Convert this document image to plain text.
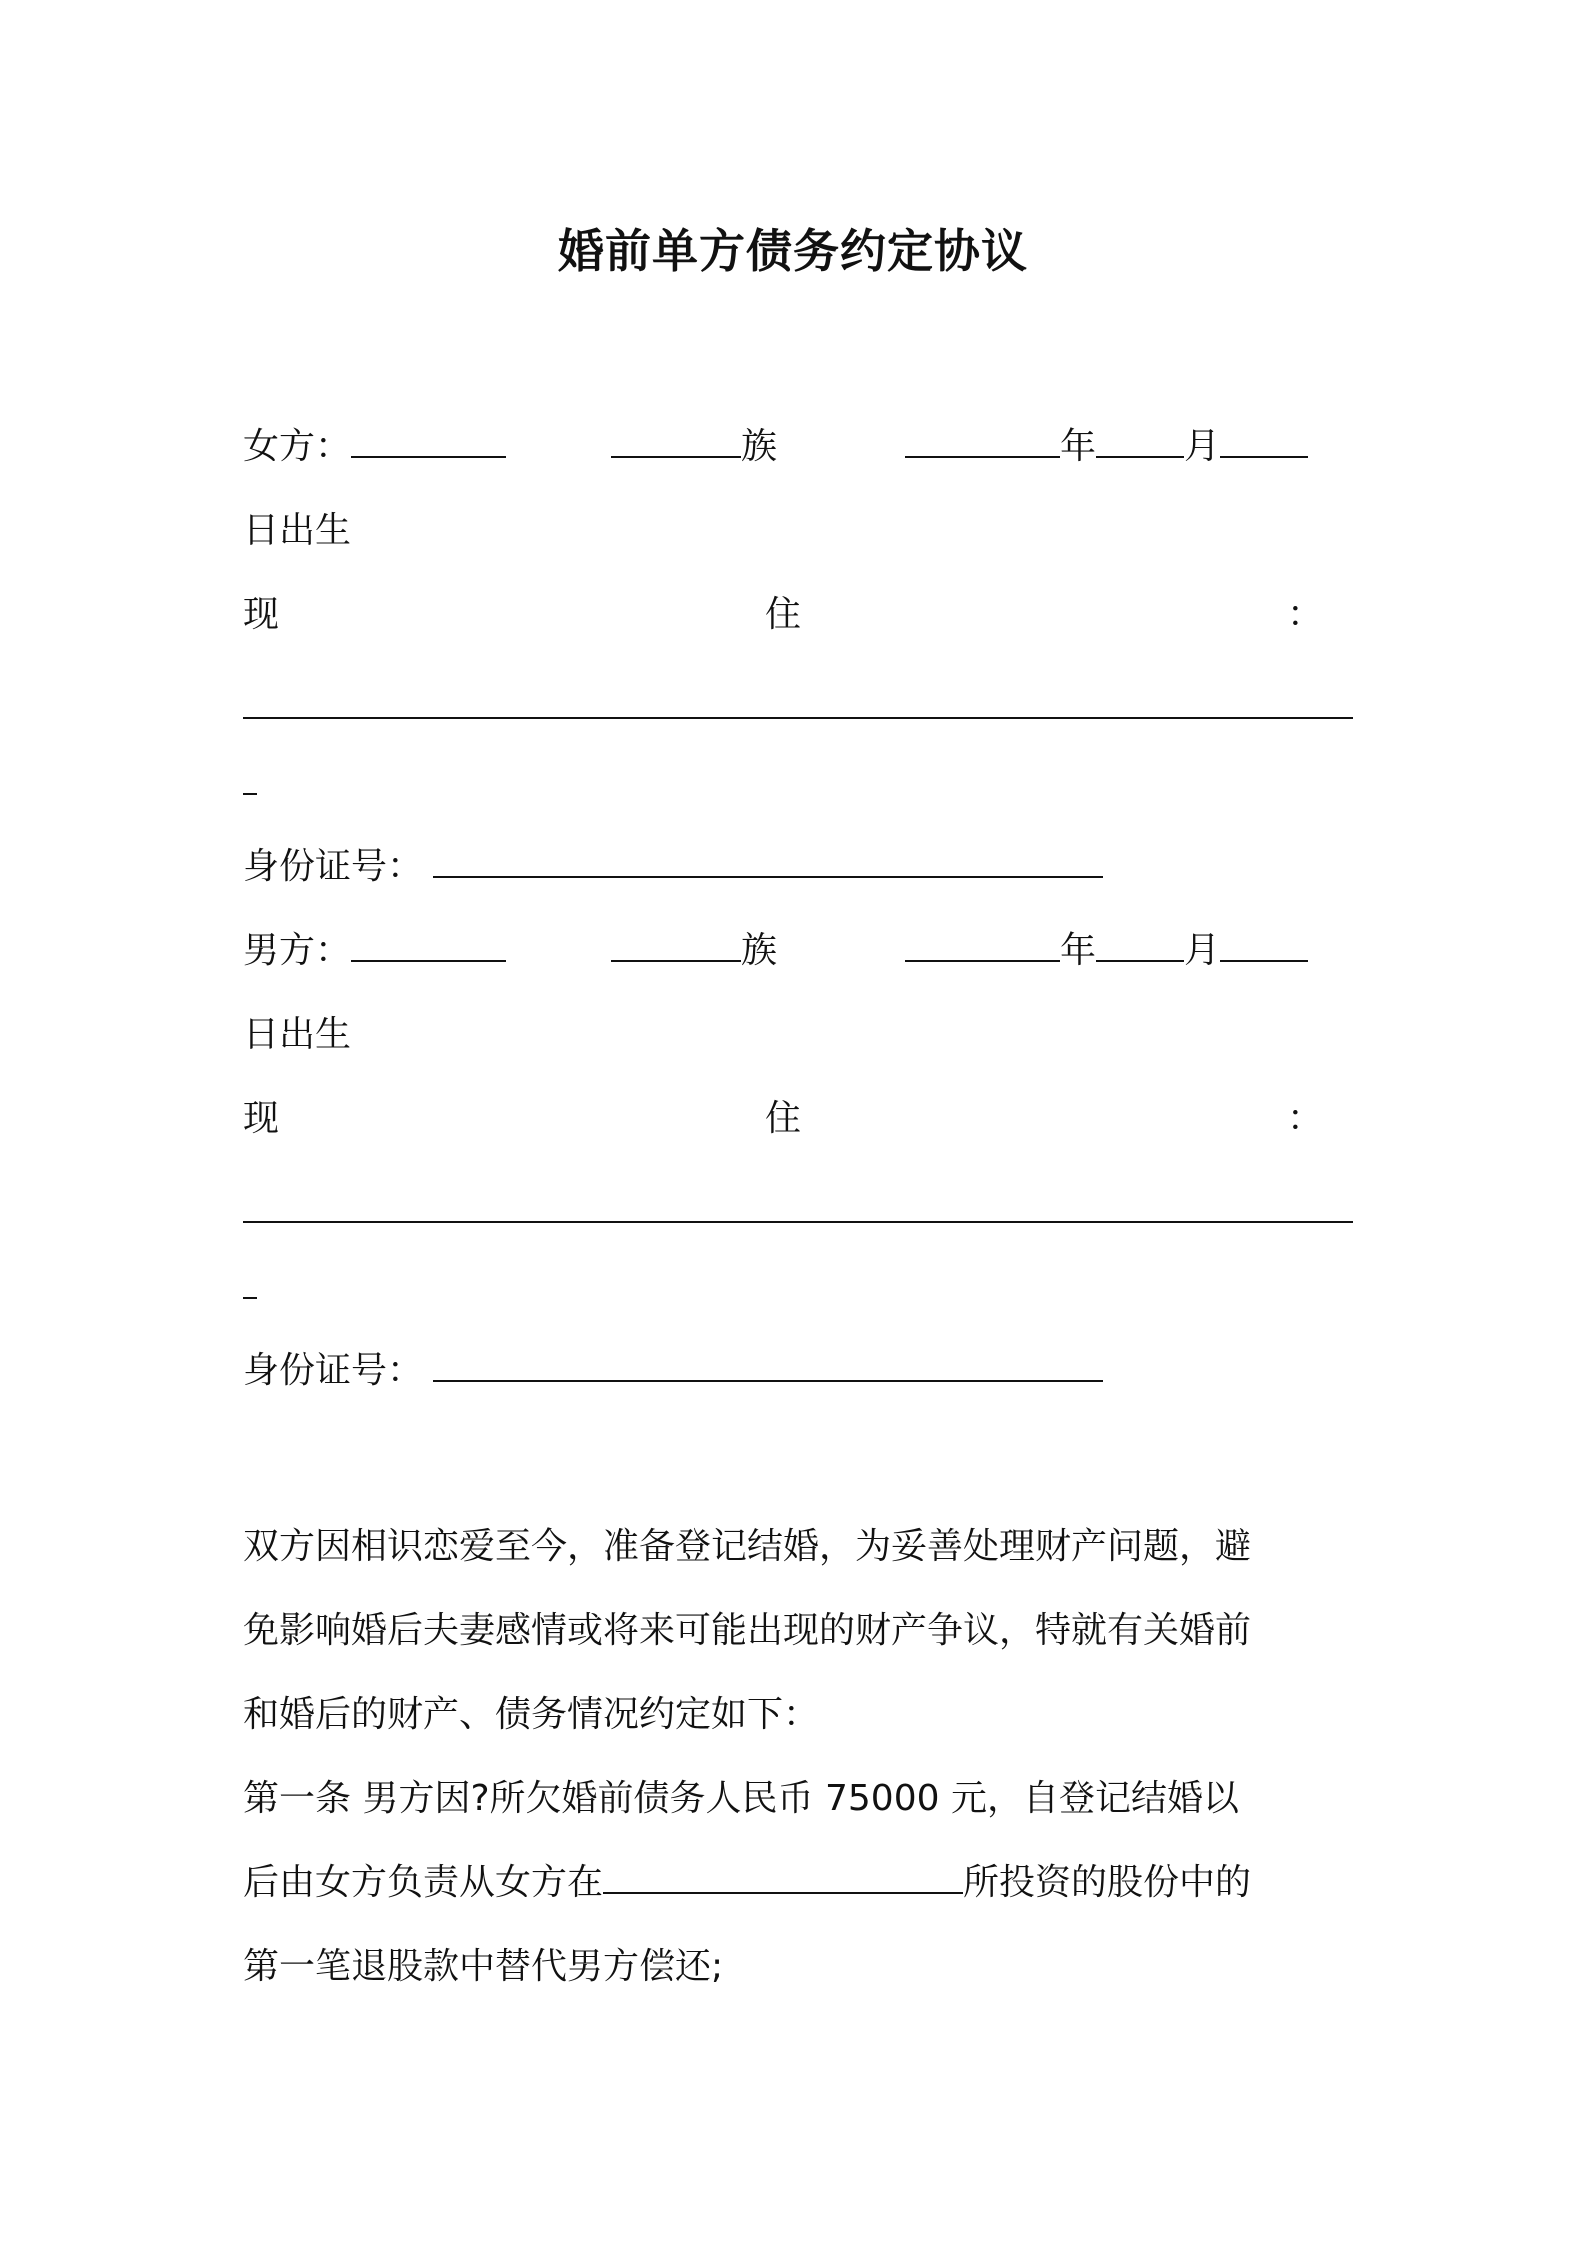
婚前单方债务约定协议
女方：	族	年 月
日出生
现	住	：
身份证号：
男方：	族	年 月
日出生
现	住	：
身份证号：
双方因相识恋爱至今，准备登记结婚，为妥善处理财产问题，避
免影响婚后夫妻感情或将来可能出现的财产争议，特就有关婚前
和婚后的财产、债务情况约定如下：
第一条 男方因?所欠婚前债务人民币 75000 元，自登记结婚以
后由女方负责从女方在	所投资的股份中的
第一笔退股款中替代男方偿还;
